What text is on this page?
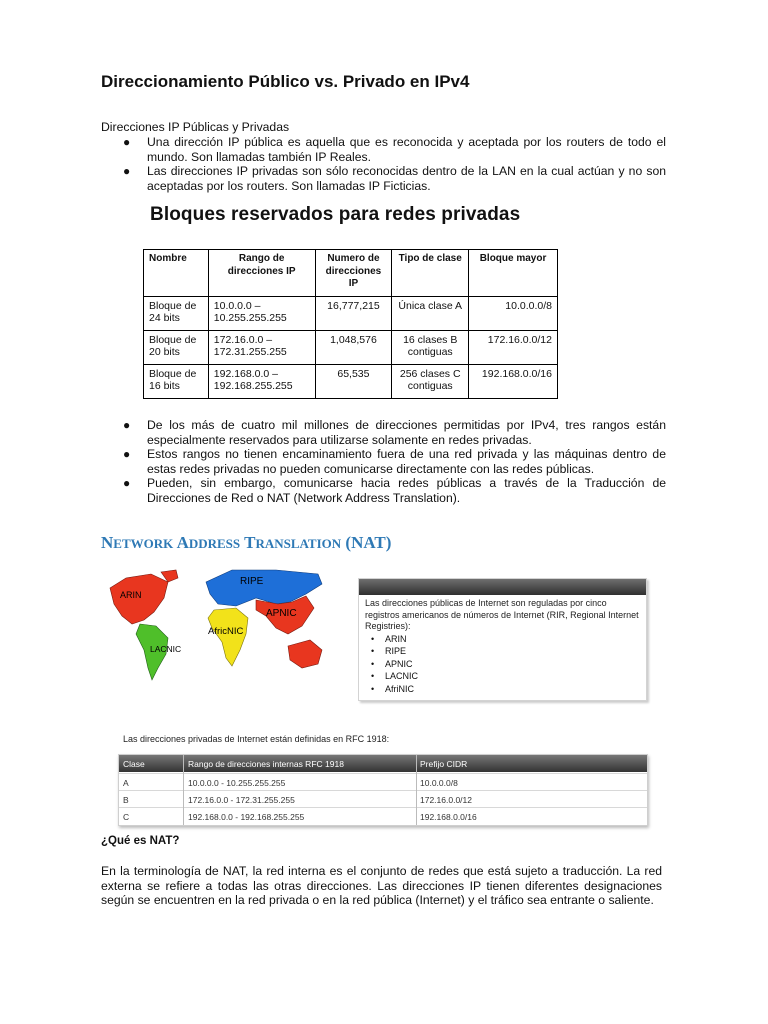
Direccionamiento Público vs. Privado en IPv4
Direcciones IP Públicas y Privadas
● Una dirección IP pública es aquella que es reconocida y aceptada por los routers de todo el mundo. Son llamadas también IP Reales.
● Las direcciones IP privadas son sólo reconocidas dentro de la LAN en la cual actúan y no son aceptadas por los routers. Son llamadas IP Ficticias.
Bloques reservados para redes privadas
Nombre	Rango de direcciones IP	Numero de direcciones IP	Tipo de clase	Bloque mayor
Bloque de 24 bits	10.0.0.0 – 10.255.255.255	16,777,215	Única clase A	10.0.0.0/8
Bloque de 20 bits	172.16.0.0 – 172.31.255.255	1,048,576	16 clases B contiguas	172.16.0.0/12
Bloque de 16 bits	192.168.0.0 – 192.168.255.255	65,535	256 clases C contiguas	192.168.0.0/16
● De los más de cuatro mil millones de direcciones permitidas por IPv4, tres rangos están especialmente reservados para utilizarse solamente en redes privadas.
● Estos rangos no tienen encaminamiento fuera de una red privada y las máquinas dentro de estas redes privadas no pueden comunicarse directamente con las redes públicas.
● Pueden, sin embargo, comunicarse hacia redes públicas a través de la Traducción de Direcciones de Red o NAT (Network Address Translation).
NETWORK ADDRESS TRANSLATION (NAT)
ARIN
RIPE
APNIC
AfricNIC
LACNIC
Las direcciones públicas de Internet son reguladas por cinco registros americanos de números de Internet (RIR, Regional Internet Registries):
• ARIN
• RIPE
• APNIC
• LACNIC
• AfriNIC
Las direcciones privadas de Internet están definidas en RFC 1918:
Clase	Rango de direcciones internas RFC 1918	Prefijo CIDR
A	10.0.0.0 - 10.255.255.255	10.0.0.0/8
B	172.16.0.0 - 172.31.255.255	172.16.0.0/12
C	192.168.0.0 - 192.168.255.255	192.168.0.0/16
¿Qué es NAT?
En la terminología de NAT, la red interna es el conjunto de redes que está sujeto a traducción. La red externa se refiere a todas las otras direcciones. Las direcciones IP tienen diferentes designaciones según se encuentren en la red privada o en la red pública (Internet) y el tráfico sea entrante o saliente.
